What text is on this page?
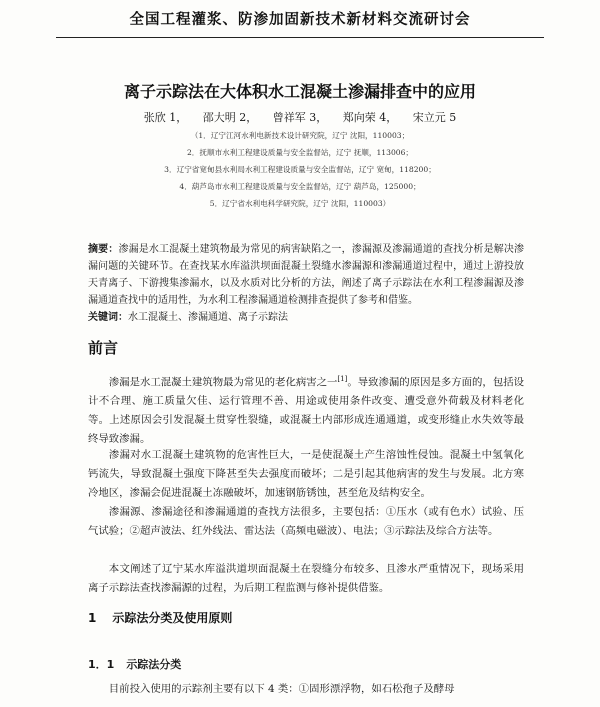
全国工程灌浆、防渗加固新技术新材料交流研讨会
离子示踪法在大体积水工混凝土渗漏排查中的应用
张欣 1， 邵大明 2， 曾祥军 3， 郑向荣 4， 宋立元 5
（1．辽宁江河水利电新技术设计研究院，辽宁 沈阳，110003；
2．抚顺市水利工程建设质量与安全监督站，辽宁 抚顺，113006；
3．辽宁省宽甸县水利局水利工程建设质量与安全监督站，辽宁 宽甸，118200；
4．葫芦岛市水利工程建设质量与安全监督站，辽宁 葫芦岛，125000；
5．辽宁省水利电科学研究院，辽宁 沈阳，110003）

摘要：渗漏是水工混凝土建筑物最为常见的病害缺陷之一，渗漏源及渗漏通道的查找分析是解决渗漏问题的关键环节。在查找某水库溢洪坝面混凝土裂缝水渗漏源和渗漏通道过程中，通过上游投放天青离子、下游搜集渗漏水，以及水质对比分析的方法，阐述了离子示踪法在水利工程渗漏源及渗漏通道查找中的适用性，为水利工程渗漏通道检测排查提供了参考和借鉴。

关键词：水工混凝土、渗漏通道、离子示踪法

前言

渗漏是水工混凝土建筑物最为常见的老化病害之一[1]。导致渗漏的原因是多方面的，包括设计不合理、施工质量欠佳、运行管理不善、用途或使用条件改变、遭受意外荷载及材料老化等。上述原因会引发混凝土贯穿性裂缝，或混凝土内部形成连通通道，或变形缝止水失效等最终导致渗漏。

渗漏对水工混凝土建筑物的危害性巨大，一是使混凝土产生溶蚀性侵蚀。混凝土中氢氧化钙流失，导致混凝土强度下降甚至失去强度而破坏；二是引起其他病害的发生与发展。北方寒冷地区，渗漏会促进混凝土冻融破坏，加速钢筋锈蚀，甚至危及结构安全。

渗漏源、渗漏途径和渗漏通道的查找方法很多，主要包括：①压水（或有色水）试验、压气试验；②超声波法、红外线法、雷达法（高频电磁波）、电法；③示踪法及综合方法等。

本文阐述了辽宁某水库溢洪道坝面混凝土在裂缝分布较多、且渗水严重情况下，现场采用离子示踪法查找渗漏源的过程，为后期工程监测与修补提供借鉴。

1 示踪法分类及使用原则
1．1 示踪法分类

目前投入使用的示踪剂主要有以下 4 类：①固形漂浮物，如石松孢子及酵母
